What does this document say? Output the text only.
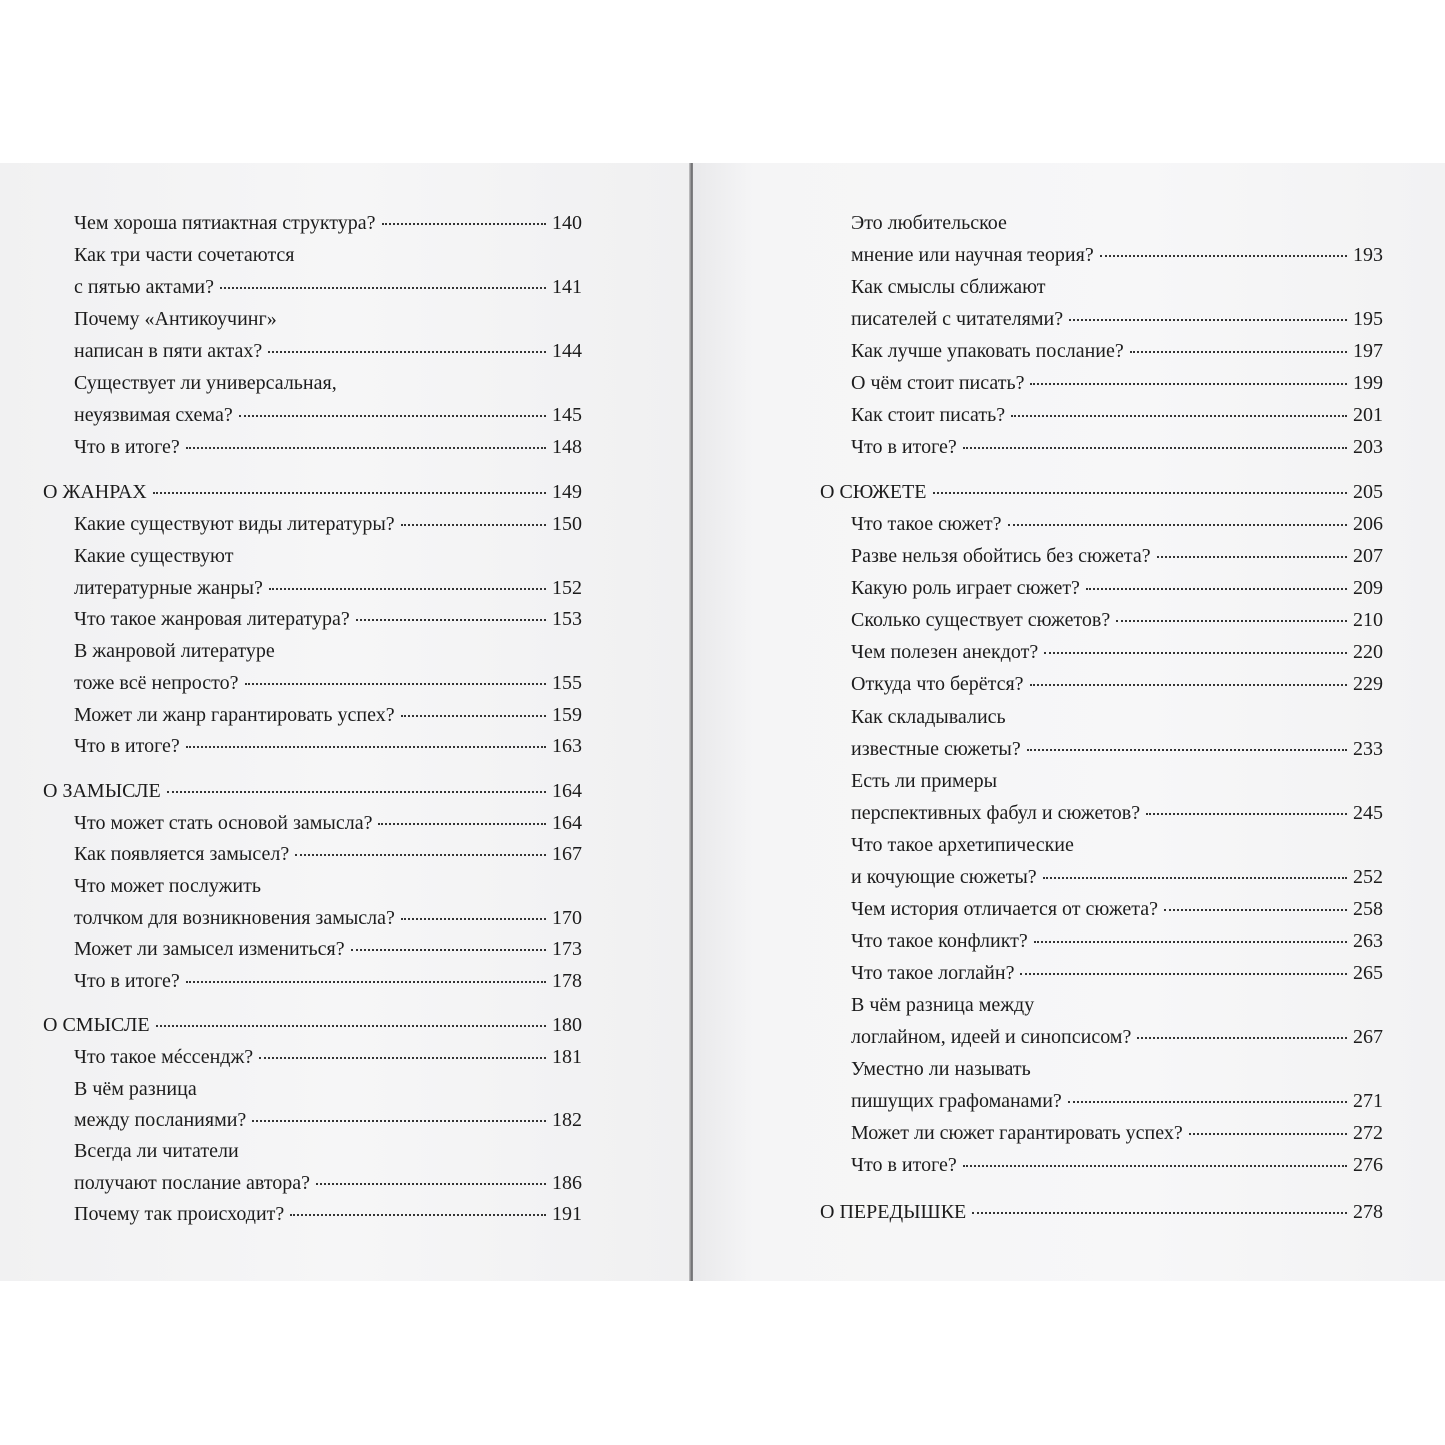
Чем хороша пятиактная структура?	140
Как три части сочетаются
с пятью актами?	141
Почему «Антикоучинг»
написан в пяти актах?	144
Существует ли универсальная,
неуязвимая схема?	145
Что в итоге?	148
О ЖАНРАХ	149
Какие существуют виды литературы?	150
Какие существуют
литературные жанры?	152
Что такое жанровая литература?	153
В жанровой литературе
тоже всё непросто?	155
Может ли жанр гарантировать успех?	159
Что в итоге?	163
О ЗАМЫСЛЕ	164
Что может стать основой замысла?	164
Как появляется замысел?	167
Что может послужить
толчком для возникновения замысла?	170
Может ли замысел измениться?	173
Что в итоге?	178
О СМЫСЛЕ	180
Что такое мéссендж?	181
В чём разница
между посланиями?	182
Всегда ли читатели
получают послание автора?	186
Почему так происходит?	191
Это любительское
мнение или научная теория?	193
Как смыслы сближают
писателей с читателями?	195
Как лучше упаковать послание?	197
О чём стоит писать?	199
Как стоит писать?	201
Что в итоге?	203
О СЮЖЕТЕ	205
Что такое сюжет?	206
Разве нельзя обойтись без сюжета?	207
Какую роль играет сюжет?	209
Сколько существует сюжетов?	210
Чем полезен анекдот?	220
Откуда что берётся?	229
Как складывались
известные сюжеты?	233
Есть ли примеры
перспективных фабул и сюжетов?	245
Что такое архетипические
и кочующие сюжеты?	252
Чем история отличается от сюжета?	258
Что такое конфликт?	263
Что такое логлайн?	265
В чём разница между
логлайном, идеей и синопсисом?	267
Уместно ли называть
пишущих графоманами?	271
Может ли сюжет гарантировать успех?	272
Что в итоге?	276
О ПЕРЕДЫШКЕ	278
